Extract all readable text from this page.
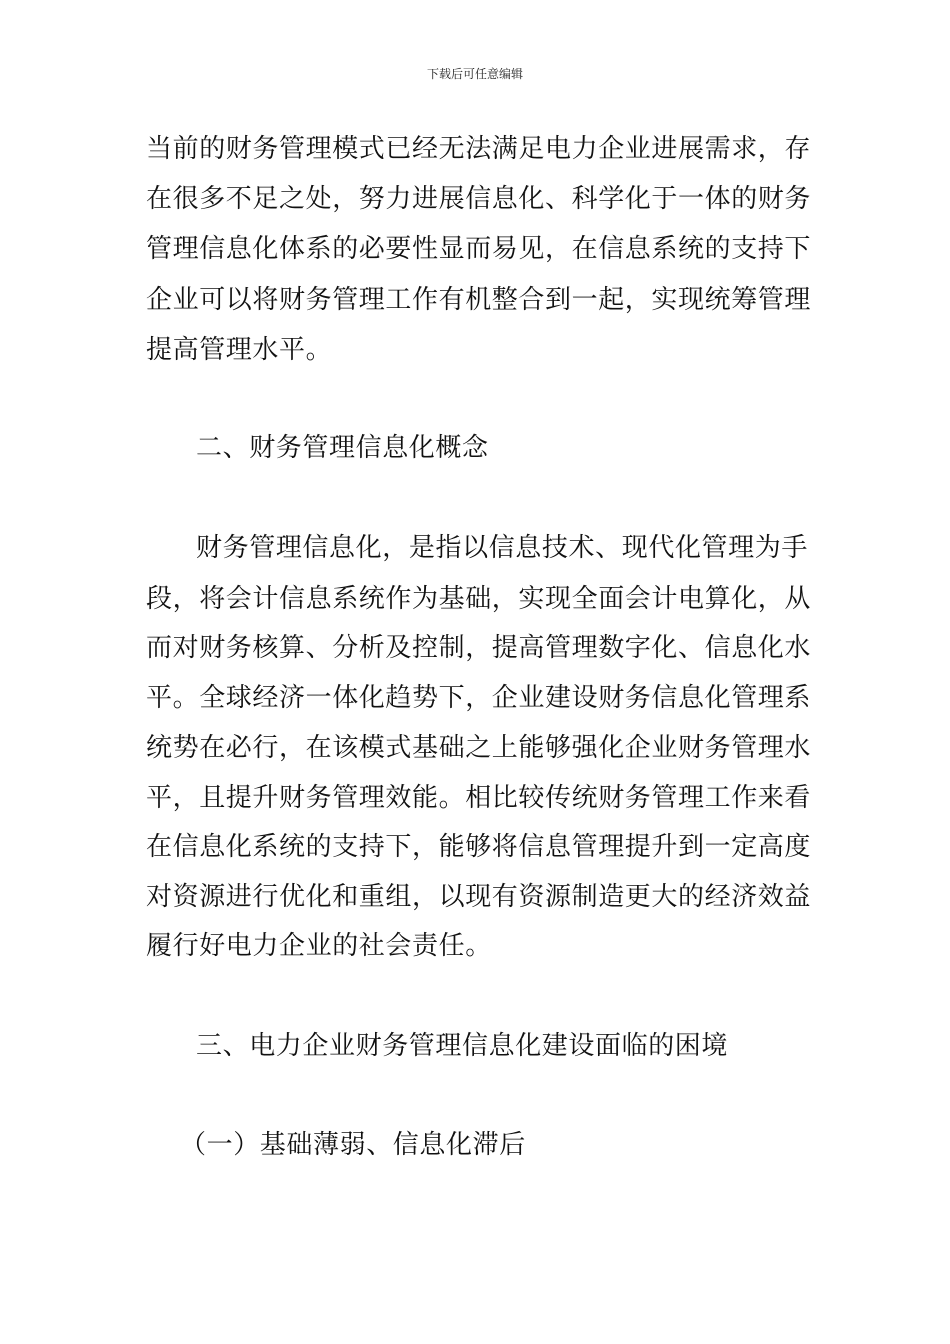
下载后可任意编辑
当前的财务管理模式已经无法满足电力企业进展需求，存
在很多不足之处，努力进展信息化、科学化于一体的财务
管理信息化体系的必要性显而易见，在信息系统的支持下
企业可以将财务管理工作有机整合到一起，实现统筹管理
提高管理水平。
二、财务管理信息化概念
财务管理信息化，是指以信息技术、现代化管理为手
段，将会计信息系统作为基础，实现全面会计电算化，从
而对财务核算、分析及控制，提高管理数字化、信息化水
平。全球经济一体化趋势下，企业建设财务信息化管理系
统势在必行，在该模式基础之上能够强化企业财务管理水
平，且提升财务管理效能。相比较传统财务管理工作来看
在信息化系统的支持下，能够将信息管理提升到一定高度
对资源进行优化和重组，以现有资源制造更大的经济效益
履行好电力企业的社会责任。
三、电力企业财务管理信息化建设面临的困境
（一）基础薄弱、信息化滞后
